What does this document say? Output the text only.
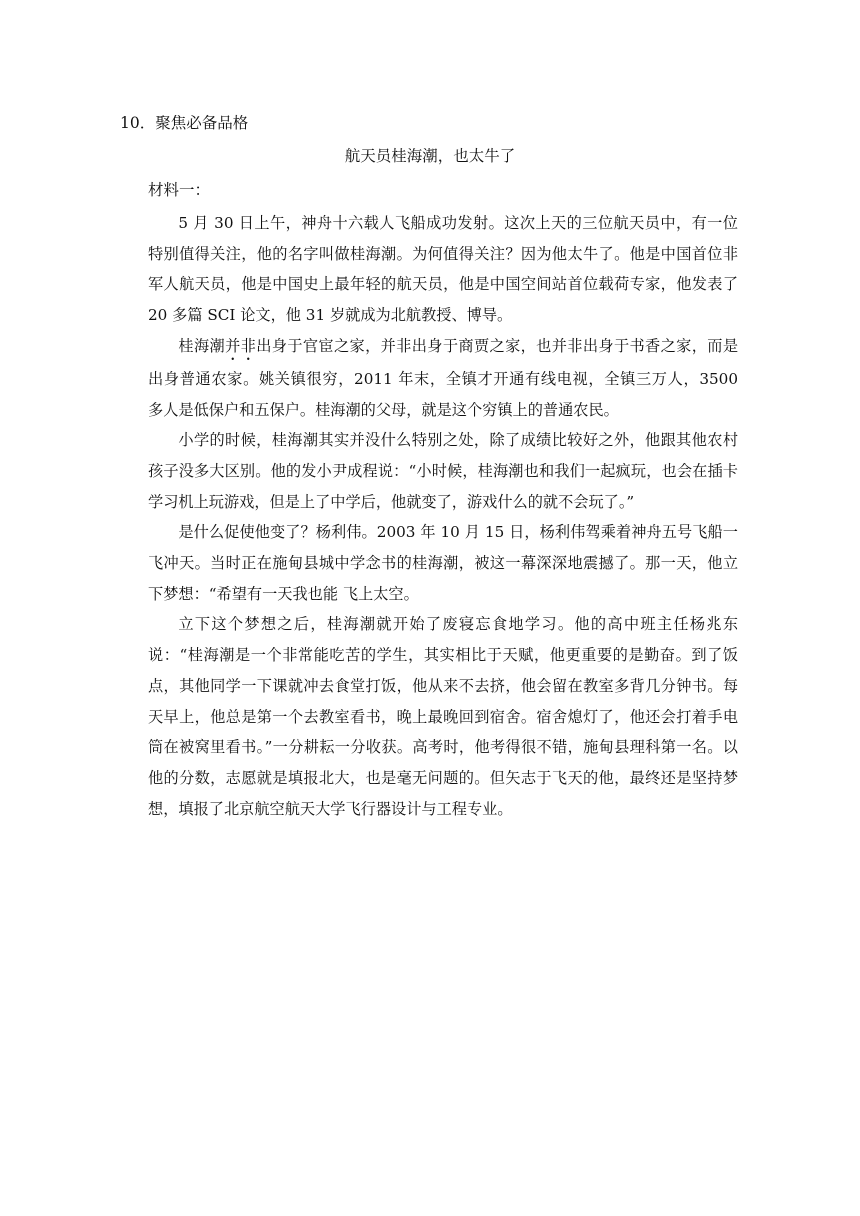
10．聚焦必备品格
航天员桂海潮，也太牛了
材料一：

5 月 30 日上午，神舟十六载人飞船成功发射。这次上天的三位航天员中，有一位特别值得关注，他的名字叫做桂海潮。为何值得关注？因为他太牛了。他是中国首位非军人航天员，他是中国史上最年轻的航天员，他是中国空间站首位载荷专家，他发表了 20 多篇 SCI 论文，他 31 岁就成为北航教授、博导。

桂海潮并非出身于官宦之家，并非出身于商贾之家，也并非出身于书香之家，而是出身普通农家。姚关镇很穷，2011 年末，全镇才开通有线电视，全镇三万人，3500　多人是低保户和五保户。桂海潮的父母，就是这个穷镇上的普通农民。

小学的时候，桂海潮其实并没什么特别之处，除了成绩比较好之外，他跟其他农村孩子没多大区别。他的发小尹成程说：“小时候，桂海潮也和我们一起疯玩，也会在插卡学习机上玩游戏，但是上了中学后，他就变了，游戏什么的就不会玩了。”

是什么促使他变了？杨利伟。2003 年 10 月 15 日，杨利伟驾乘着神舟五号飞船一飞冲天。当时正在施甸县城中学念书的桂海潮，被这一幕深深地震撼了。那一天，他立下梦想：“希望有一天我也能 飞上太空。

立下这个梦想之后，桂海潮就开始了废寝忘食地学习。他的高中班主任杨兆东说：“桂海潮是一个非常能吃苦的学生，其实相比于天赋，他更重要的是勤奋。到了饭点，其他同学一下课就冲去食堂打饭，他从来不去挤，他会留在教室多背几分钟书。每天早上，他总是第一个去教室看书，晚上最晚回到宿舍。宿舍熄灯了，他还会打着手电筒在被窝里看书。”一分耕耘一分收获。高考时，他考得很不错，施甸县理科第一名。以他的分数，志愿就是填报北大，也是毫无问题的。但矢志于飞天的他，最终还是坚持梦想，填报了北京航空航天大学飞行器设计与工程专业。
